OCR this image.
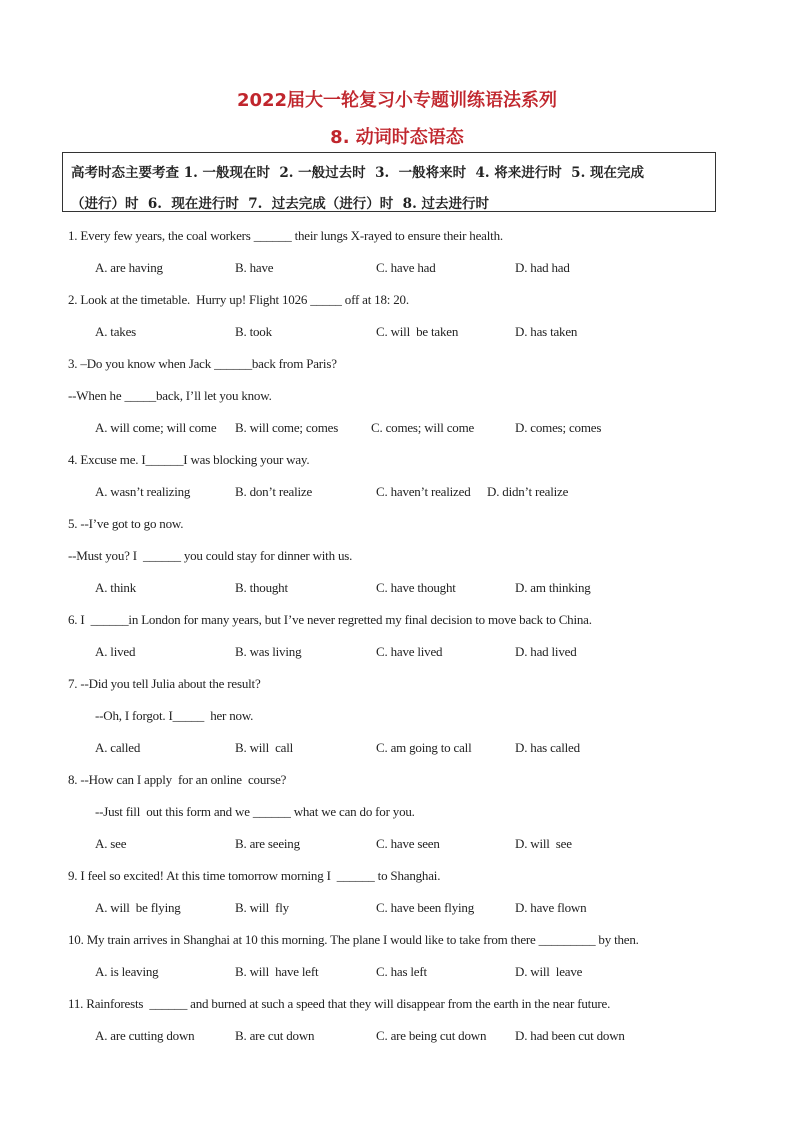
2022届大一轮复习小专题训练语法系列
8. 动词时态语态
高考时态主要考查 1. 一般现在时  2. 一般过去时  3.  一般将来时  4. 将来进行时  5. 现在完成
（进行）时  6.  现在进行时  7.  过去完成（进行）时  8. 过去进行时
1. Every few years, the coal workers ______ their lungs X-rayed to ensure their health.
A. are having	B. have	C. have had	D. had had
2. Look at the timetable.  Hurry up! Flight 1026 _____ off at 18: 20.
A. takes	B. took	C. will  be taken	D. has taken
3. –Do you know when Jack ______back from Paris?
--When he _____back, I’ll let you know.
A. will come; will come B. will come; comes	C. comes; will come	D. comes; comes
4. Excuse me. I______I was blocking your way.
A. wasn’t realizing	B. don’t realize	C. haven’t realized D. didn’t realize
5. --I’ve got to go now.
--Must you? I  ______ you could stay for dinner with us.
A. think	B. thought	C. have thought	D. am thinking
6. I  ______in London for many years, but I’ve never regretted my final decision to move back to China.
A. lived	B. was living	C. have lived	D. had lived
7. --Did you tell Julia about the result?
--Oh, I forgot. I_____  her now.
A. called	B. will  call	C. am going to call	D. has called
8. --How can I apply  for an online  course?
--Just fill  out this form and we ______ what we can do for you.
A. see	B. are seeing	C. have seen	D. will  see
9. I feel so excited! At this time tomorrow morning I  ______ to Shanghai.
A. will  be flying	B. will  fly	C. have been flying	D. have flown
10. My train arrives in Shanghai at 10 this morning. The plane I would like to take from there _________ by then.
A. is leaving	B. will  have left	C. has left	D. will  leave
11. Rainforests  ______ and burned at such a speed that they will disappear from the earth in the near future.
A. are cutting down	B. are cut down	C. are being cut down D. had been cut down
